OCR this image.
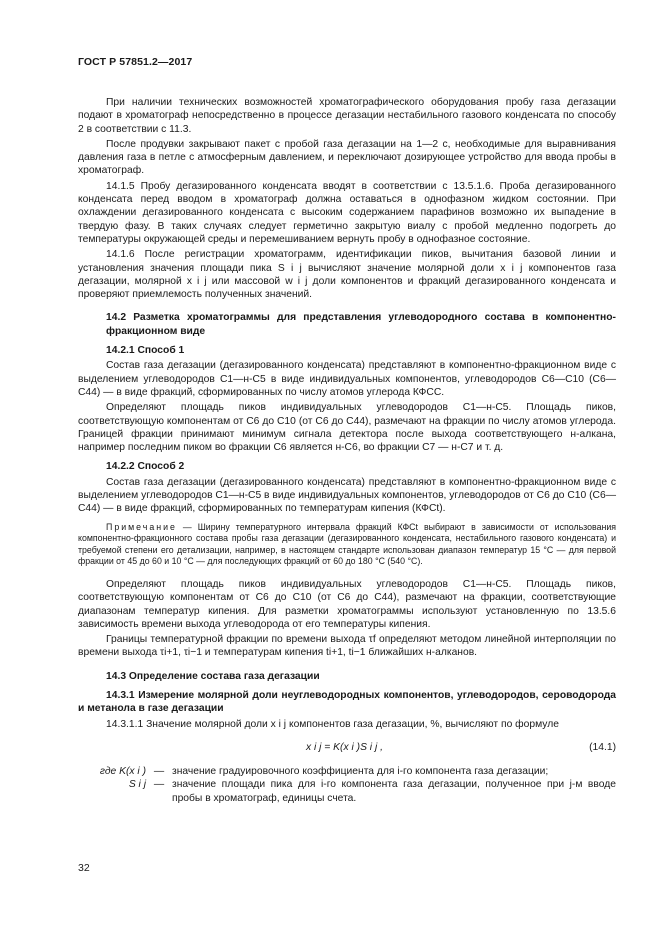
ГОСТ Р 57851.2—2017

При наличии технических возможностей хроматографического оборудования пробу газа дегазации подают в хроматограф непосредственно в процессе дегазации нестабильного газового конденсата по способу 2 в соответствии с 11.3.

После продувки закрывают пакет с пробой газа дегазации на 1—2 с, необходимые для выравнивания давления газа в петле с атмосферным давлением, и переключают дозирующее устройство для ввода пробы в хроматограф.

14.1.5 Пробу дегазированного конденсата вводят в соответствии с 13.5.1.6. Проба дегазированного конденсата перед вводом в хроматограф должна оставаться в однофазном жидком состоянии. При охлаждении дегазированного конденсата с высоким содержанием парафинов возможно их выпадение в твердую фазу. В таких случаях следует герметично закрытую виалу с пробой медленно подогреть до температуры окружающей среды и перемешиванием вернуть пробу в однофазное состояние.

14.1.6 После регистрации хроматограмм, идентификации пиков, вычитания базовой линии и установления значения площади пика S i j вычисляют значение молярной доли x i j компонентов газа дегазации, молярной x i j или массовой w i j доли компонентов и фракций дегазированного конденсата и проверяют приемлемость полученных значений.

14.2 Разметка хроматограммы для представления углеводородного состава в компонентно-фракционном виде

14.2.1 Способ 1

Состав газа дегазации (дегазированного конденсата) представляют в компонентно-фракционном виде с выделением углеводородов C1—н-C5 в виде индивидуальных компонентов, углеводородов C6—C10 (C6—C44) — в виде фракций, сформированных по числу атомов углерода КФСC.

Определяют площадь пиков индивидуальных углеводородов C1—н-C5. Площадь пиков, соответствующую компонентам от C6 до C10 (от C6 до C44), размечают на фракции по числу атомов углерода. Границей фракции принимают минимум сигнала детектора после выхода соответствующего н-алкана, например последним пиком во фракции C6 является н-C6, во фракции C7 — н-C7 и т. д.

14.2.2 Способ 2

Состав газа дегазации (дегазированного конденсата) представляют в компонентно-фракционном виде с выделением углеводородов C1—н-C5 в виде индивидуальных компонентов, углеводородов от C6 до C10 (C6—C44) — в виде фракций, сформированных по температурам кипения (КФСt).

Примечание — Ширину температурного интервала фракций КФСt выбирают в зависимости от использования компонентно-фракционного состава пробы газа дегазации (дегазированного конденсата, нестабильного газового конденсата) и требуемой степени его детализации, например, в настоящем стандарте использован диапазон температур 15 °C — для первой фракции от 45 до 60 и 10 °C — для последующих фракций от 60 до 180 °C (540 °C).

Определяют площадь пиков индивидуальных углеводородов C1—н-C5. Площадь пиков, соответствующую компонентам от C6 до C10 (от C6 до C44), размечают на фракции, соответствующие диапазонам температур кипения. Для разметки хроматограммы используют установленную по 13.5.6 зависимость времени выхода углеводорода от его температуры кипения.

Границы температурной фракции по времени выхода τf определяют методом линейной интерполяции по времени выхода τi+1, τi−1 и температурам кипения ti+1, ti−1 ближайших н-алканов.

14.3 Определение состава газа дегазации

14.3.1 Измерение молярной доли неуглеводородных компонентов, углеводородов, сероводорода и метанола в газе дегазации

14.3.1.1 Значение молярной доли x i j компонентов газа дегазации, %, вычисляют по формуле

x i j = K(x i )S i j ,	(14.1)
где K(x i ) — значение градуировочного коэффициента для i-го компонента газа дегазации;
S i j — значение площади пика для i-го компонента газа дегазации, полученное при j-м вводе пробы в хроматограф, единицы счета.
32
